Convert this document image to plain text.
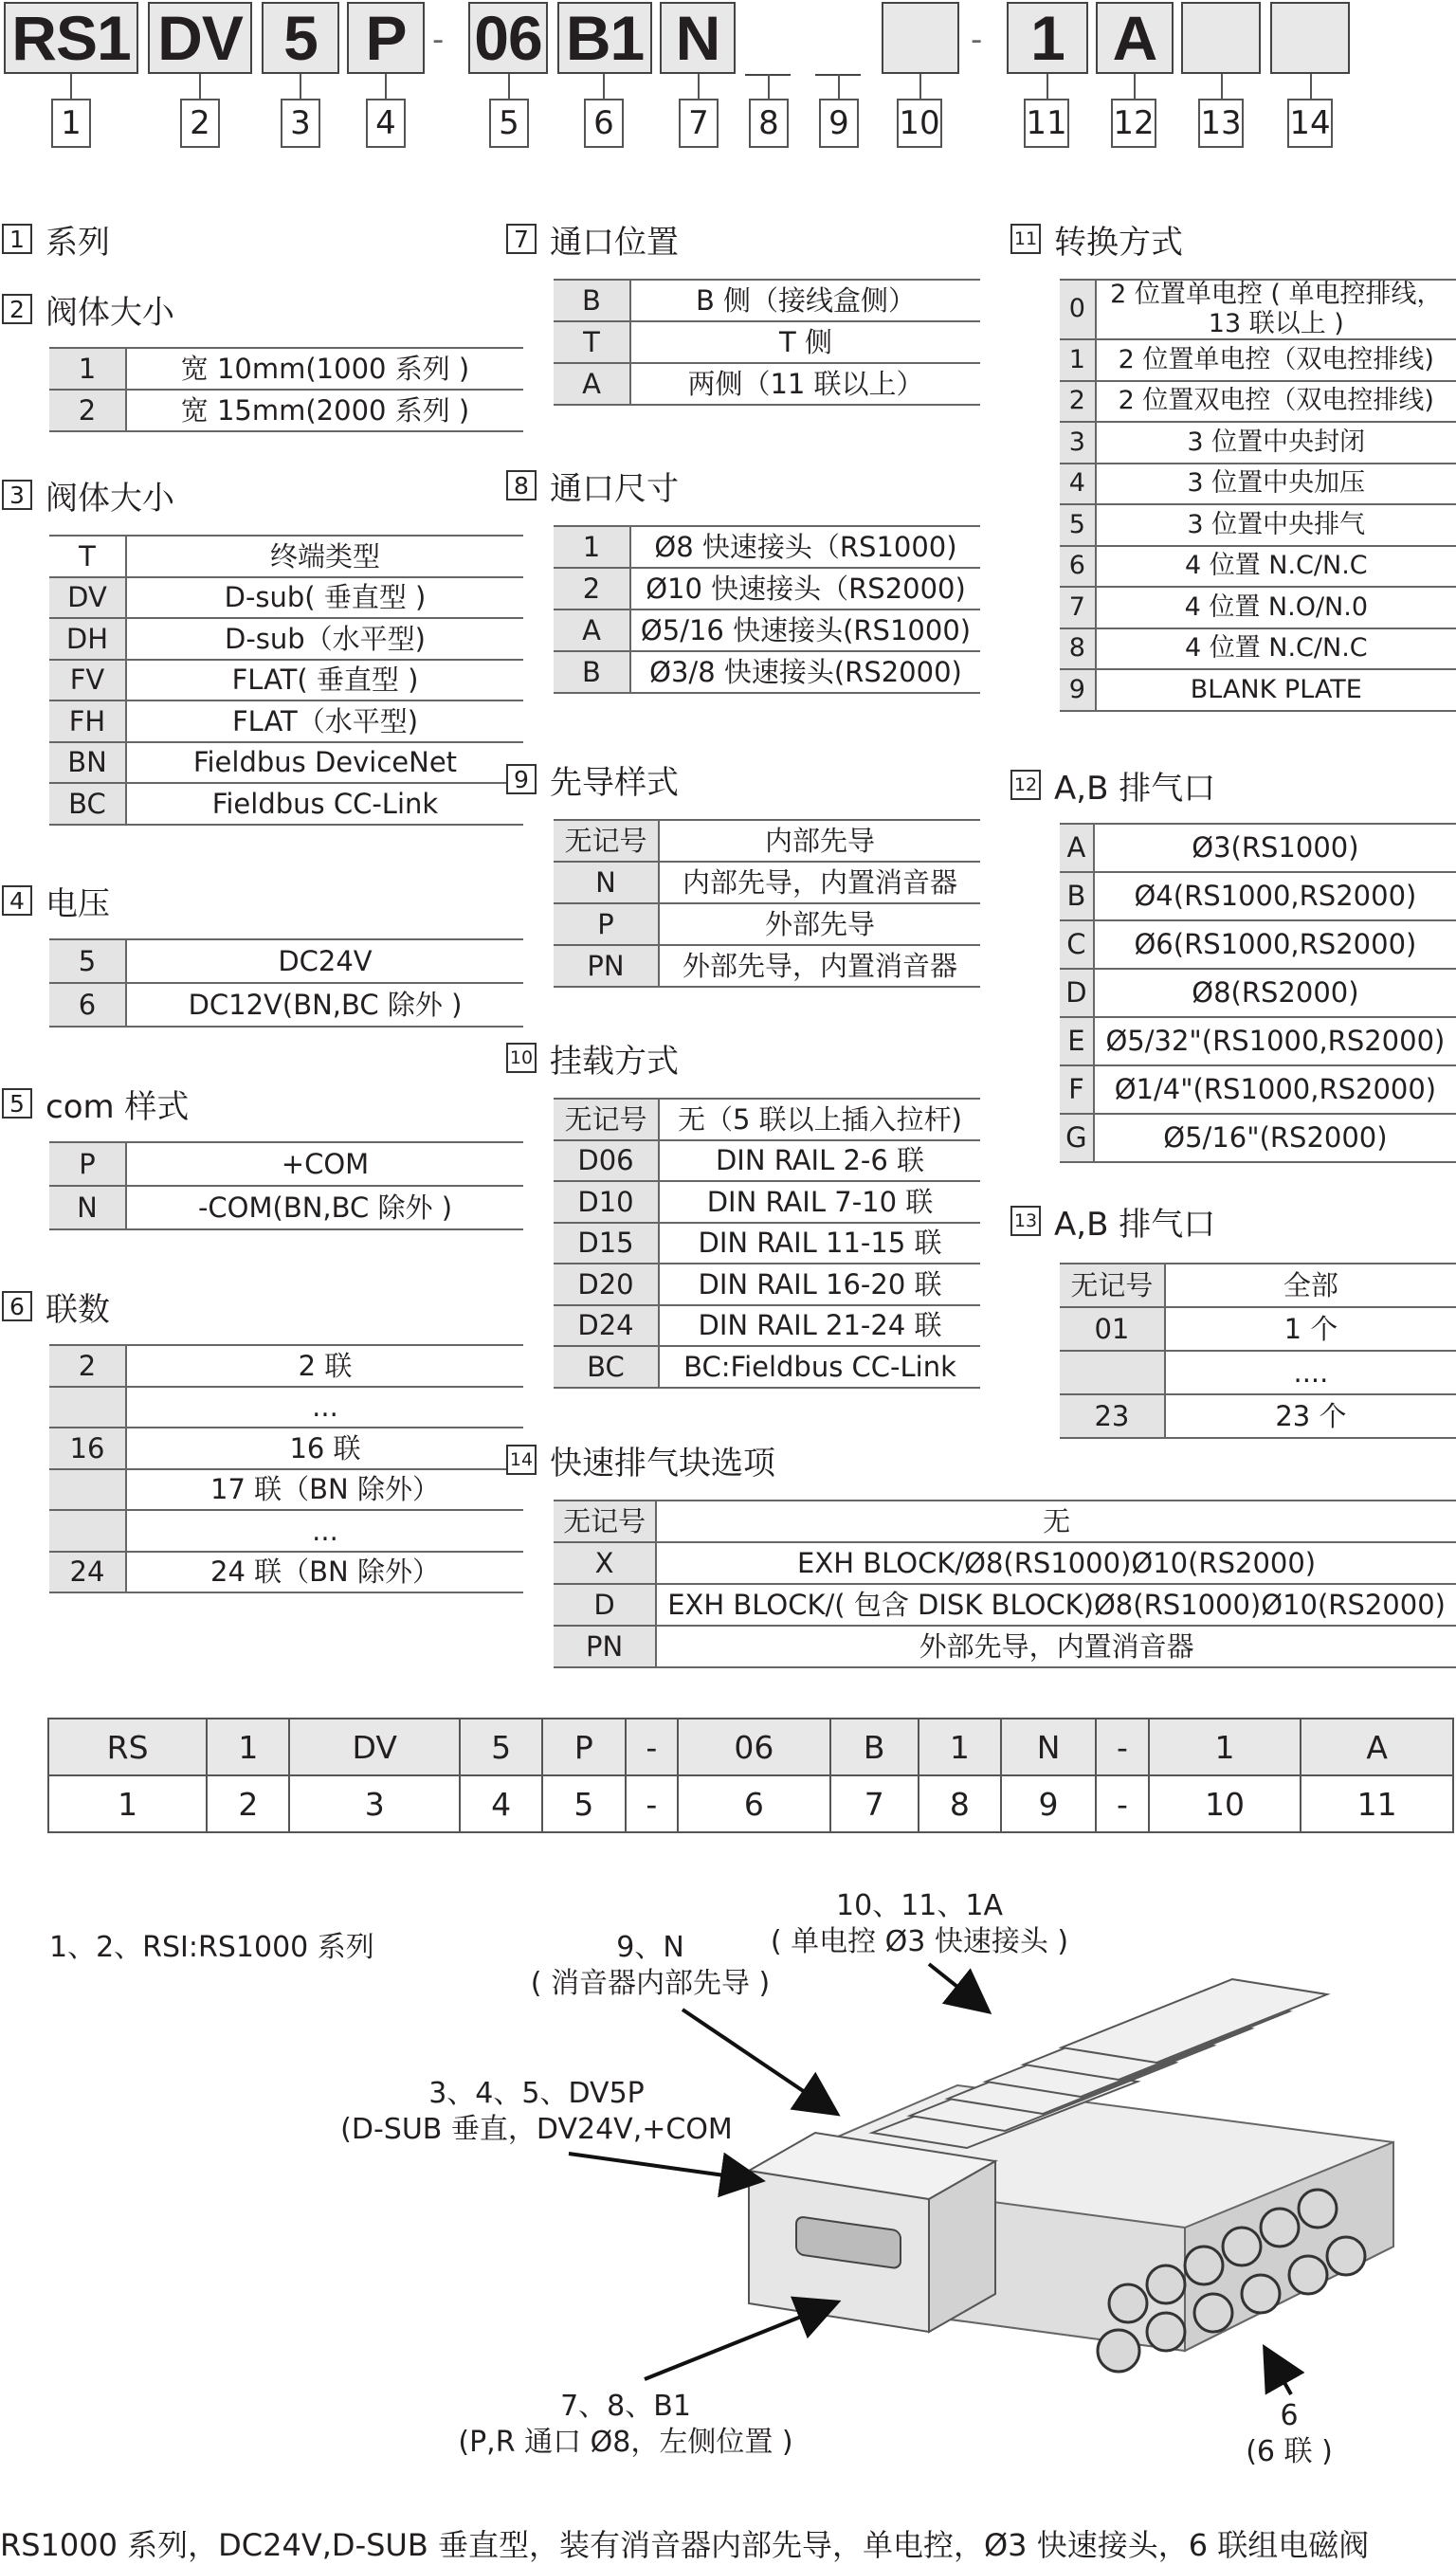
RS1 DV 5 P - 06 B1 N	- 1 A
1	2 3 4	5 6 7 8 9 10	11 12 13 14
1 系列
2 阀体大小
1	宽 10mm(1000 系列 )
2	宽 15mm(2000 系列 )
3 阀体大小
T	终端类型
DV	D-sub( 垂直型 )
DH	D-sub（水平型)
FV	FLAT( 垂直型 )
FH	FLAT（水平型)
BN	Fieldbus DeviceNet
BC	Fieldbus CC-Link
4 电压
5	DC24V
6	DC12V(BN,BC 除外 )
5 com 样式
P	+COM
N	-COM(BN,BC 除外 )
6 联数
2	2 联
	...
16	16 联
	17 联（BN 除外）
	...
24	24 联（BN 除外）
7 通口位置
B	B 侧（接线盒侧）
T	T 侧
A	两侧（11 联以上）
8 通口尺寸
1	Ø8 快速接头（RS1000)
2	Ø10 快速接头（RS2000)
A	Ø5/16 快速接头(RS1000)
B	Ø3/8 快速接头(RS2000)
9 先导样式
无记号	内部先导
N	内部先导，内置消音器
P	外部先导
PN	外部先导，内置消音器
10 挂载方式
无记号	无（5 联以上插入拉杆)
D06	DIN RAIL 2-6 联
D10	DIN RAIL 7-10 联
D15	DIN RAIL 11-15 联
D20	DIN RAIL 16-20 联
D24	DIN RAIL 21-24 联
BC	BC:Fieldbus CC-Link
14 快速排气块选项
无记号	无
X	EXH BLOCK/Ø8(RS1000)Ø10(RS2000)
D	EXH BLOCK/( 包含 DISK BLOCK)Ø8(RS1000)Ø10(RS2000)
PN	外部先导，内置消音器
11 转换方式
0	2 位置单电控 ( 单电控排线，13 联以上 )
1	2 位置单电控（双电控排线)
2	2 位置双电控（双电控排线)
3	3 位置中央封闭
4	3 位置中央加压
5	3 位置中央排气
6	4 位置 N.C/N.C
7	4 位置 N.O/N.0
8	4 位置 N.C/N.C
9	BLANK PLATE
12 A,B 排气口
A	Ø3(RS1000)
B	Ø4(RS1000,RS2000)
C	Ø6(RS1000,RS2000)
D	Ø8(RS2000)
E	Ø5/32"(RS1000,RS2000)
F	Ø1/4"(RS1000,RS2000)
G	Ø5/16"(RS2000)
13 A,B 排气口
无记号	全部
01	1 个
	....
23	23 个
RS	1	DV	5	P	-	06	B	1	N	-	1	A
1	2	3	4	5	-	6	7	8	9	-	10	11
1、2、RSI:RS1000 系列	9、N
( 消音器内部先导 )
10、11、1A
( 单电控 Ø3 快速接头 )
3、4、5、DV5P
(D-SUB 垂直，DV24V,+COM
7、8、B1
(P,R 通口 Ø8，左侧位置 )
6
(6 联 )
RS1000 系列，DC24V,D-SUB 垂直型，装有消音器内部先导，单电控，Ø3 快速接头，6 联组电磁阀
